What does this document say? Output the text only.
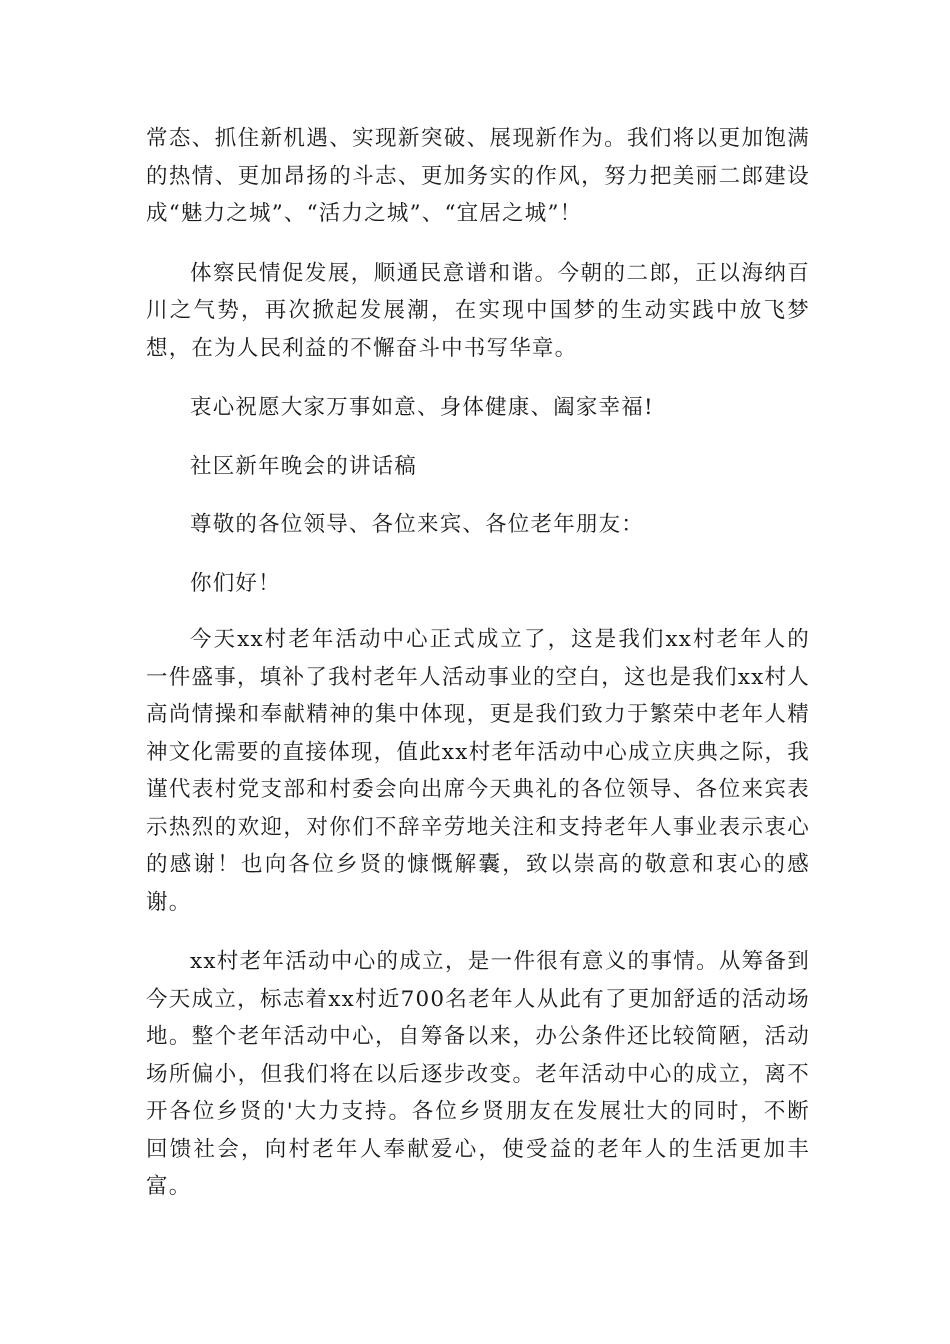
常态、抓住新机遇、实现新突破、展现新作为。我们将以更加饱满的热情、更加昂扬的斗志、更加务实的作风，努力把美丽二郎建设成“魅力之城”、“活力之城”、“宜居之城”！

体察民情促发展，顺通民意谱和谐。今朝的二郎，正以海纳百川之气势，再次掀起发展潮，在实现中国梦的生动实践中放飞梦想，在为人民利益的不懈奋斗中书写华章。

衷心祝愿大家万事如意、身体健康、阖家幸福!

社区新年晚会的讲话稿

尊敬的各位领导、各位来宾、各位老年朋友：

你们好！

今天xx村老年活动中心正式成立了，这是我们xx村老年人的一件盛事，填补了我村老年人活动事业的空白，这也是我们xx村人高尚情操和奉献精神的集中体现，更是我们致力于繁荣中老年人精神文化需要的直接体现，值此xx村老年活动中心成立庆典之际，我谨代表村党支部和村委会向出席今天典礼的各位领导、各位来宾表示热烈的欢迎，对你们不辞辛劳地关注和支持老年人事业表示衷心的感谢！也向各位乡贤的慷慨解囊，致以崇高的敬意和衷心的感谢。

xx村老年活动中心的成立，是一件很有意义的事情。从筹备到今天成立，标志着xx村近700名老年人从此有了更加舒适的活动场地。整个老年活动中心，自筹备以来，办公条件还比较简陋，活动场所偏小，但我们将在以后逐步改变。老年活动中心的成立，离不开各位乡贤的'大力支持。各位乡贤朋友在发展壮大的同时，不断回馈社会，向村老年人奉献爱心，使受益的老年人的生活更加丰富。
